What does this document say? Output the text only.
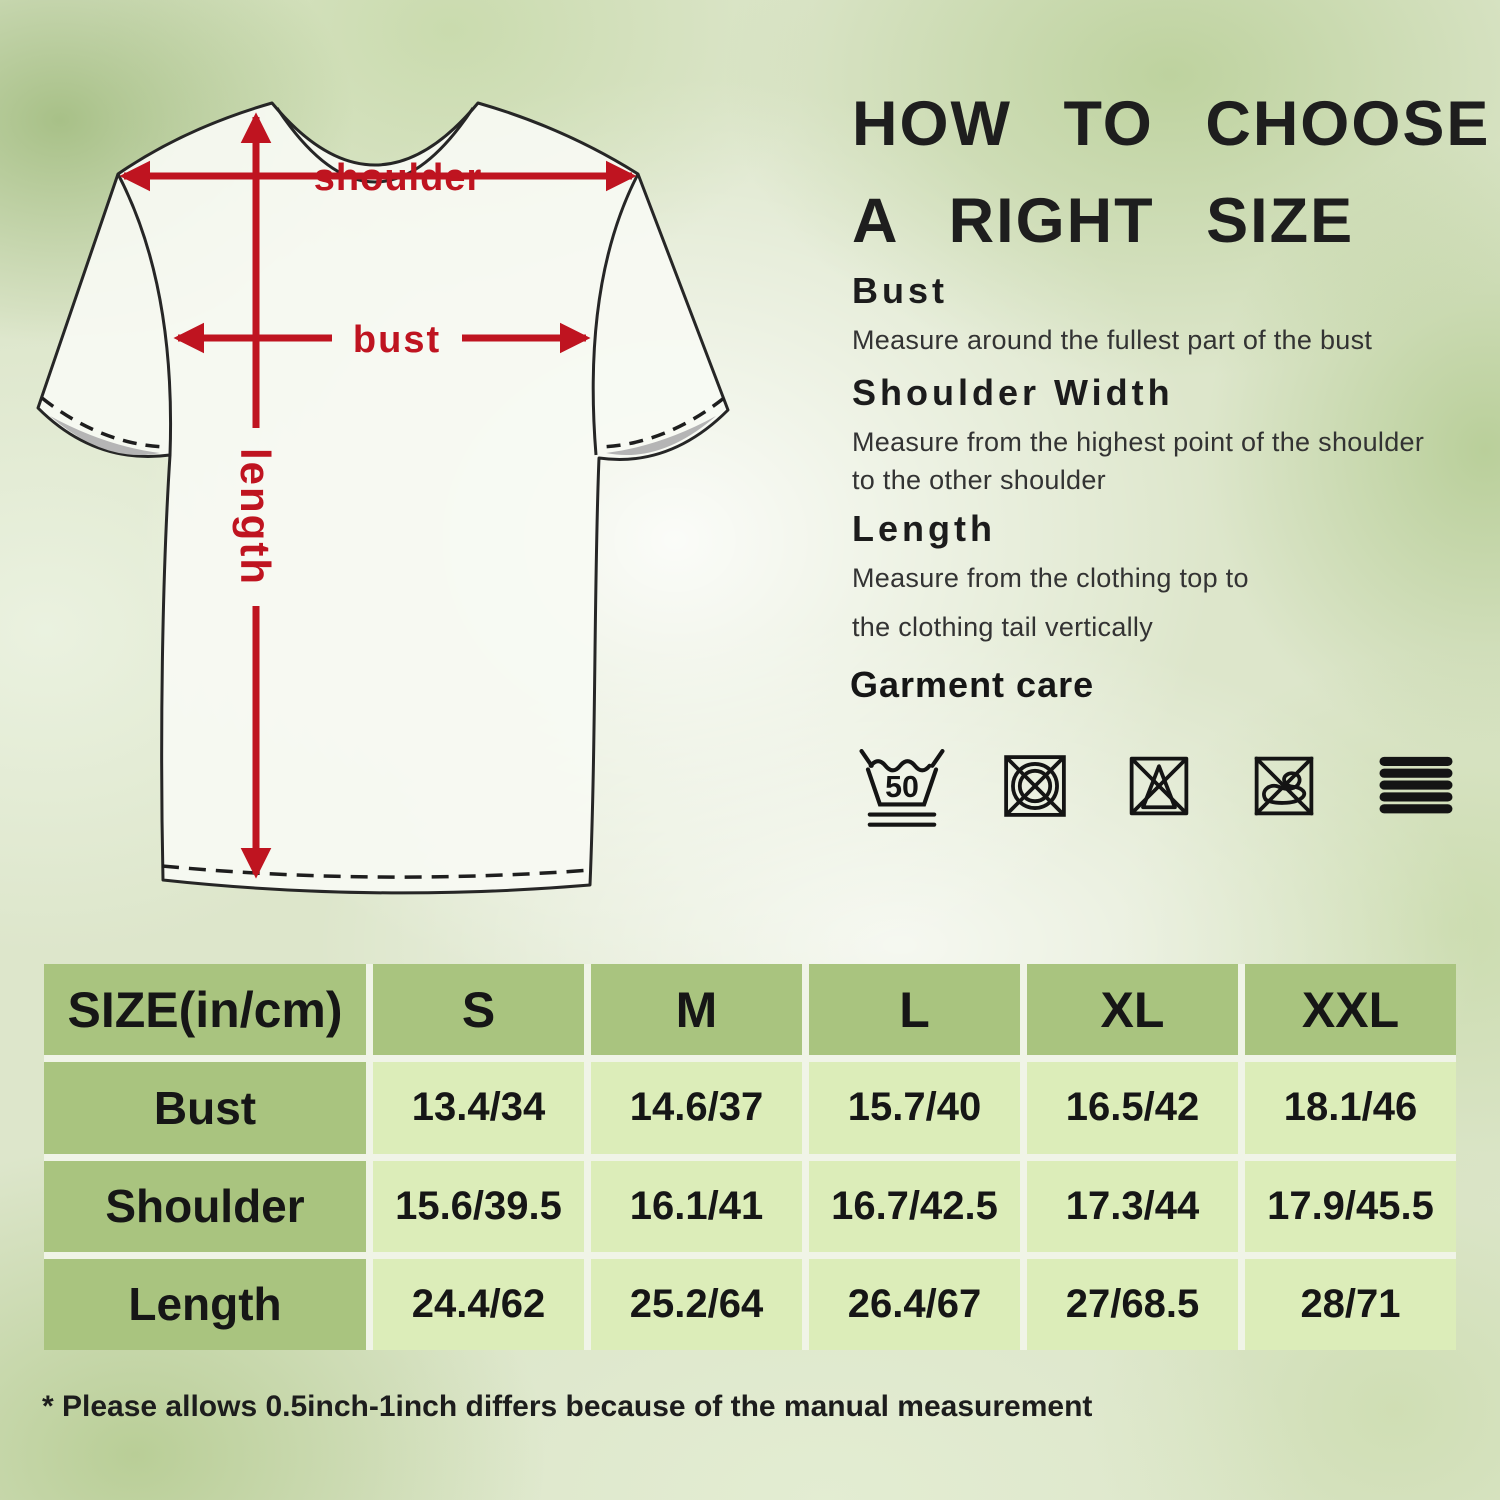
shoulder
bust
length
HOW TO CHOOSE
A RIGHT SIZE
Bust
Measure around the fullest part of the bust
Shoulder Width
Measure from the highest point of the shoulder
to the other shoulder
Length
Measure from the clothing top to
the clothing tail vertically
Garment care
50
SIZE(in/cm)	S	M	L	XL	XXL
Bust	13.4/34	14.6/37	15.7/40	16.5/42	18.1/46
Shoulder	15.6/39.5	16.1/41	16.7/42.5	17.3/44	17.9/45.5
Length	24.4/62	25.2/64	26.4/67	27/68.5	28/71
* Please allows 0.5inch-1inch differs because of the manual measurement
